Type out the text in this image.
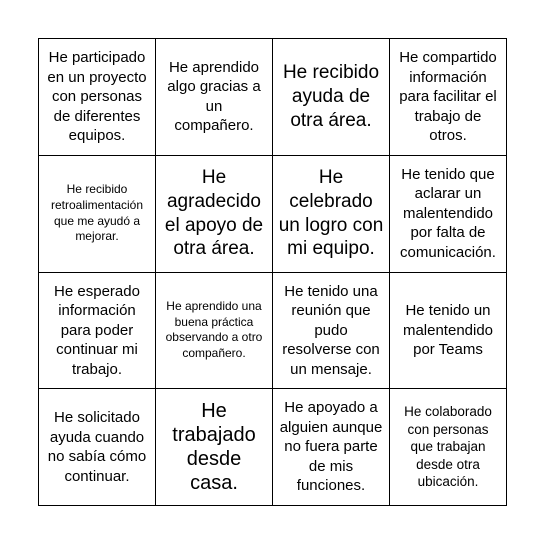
He participado en un proyecto con personas de diferentes equipos.
He aprendido algo gracias a un compañero.
He recibido ayuda de otra área.
He compartido información para facilitar el trabajo de otros.
He recibido retroalimentación que me ayudó a mejorar.
He agradecido el apoyo de otra área.
He celebrado un logro con mi equipo.
He tenido que aclarar un malentendido por falta de comunicación.
He esperado información para poder continuar mi trabajo.
He aprendido una buena práctica observando a otro compañero.
He tenido una reunión que pudo resolverse con un mensaje.
He tenido un malentendido por Teams
He solicitado ayuda cuando no sabía cómo continuar.
He trabajado desde casa.
He apoyado a alguien aunque no fuera parte de mis funciones.
He colaborado con personas que trabajan desde otra ubicación.
